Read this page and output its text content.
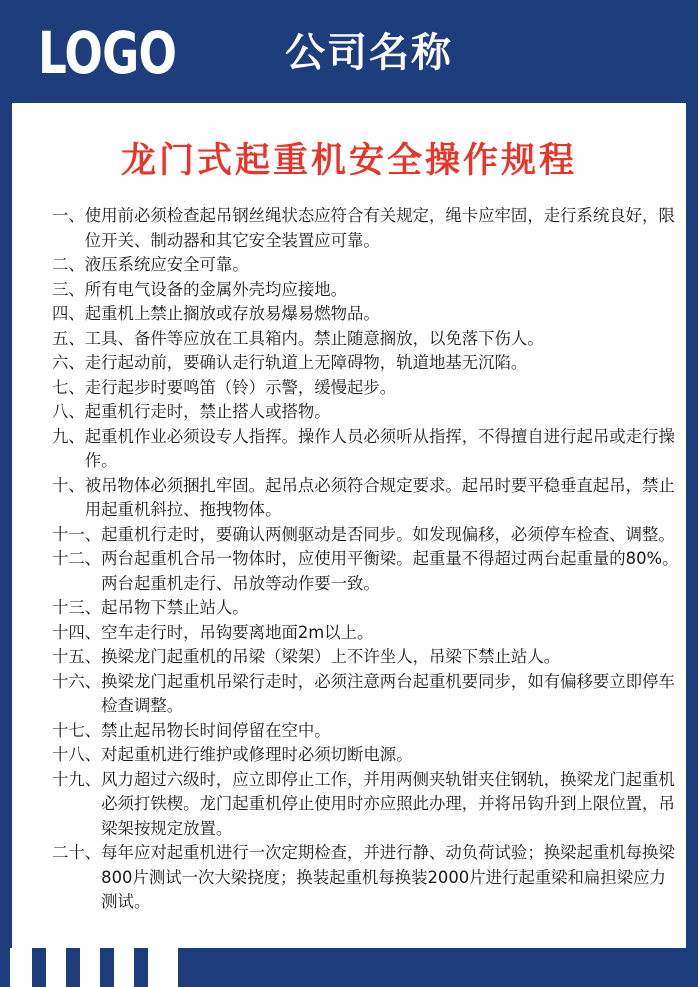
LOGO	公司名称
龙门式起重机安全操作规程
一、 使用前必须检查起吊钢丝绳状态应符合有关规定，绳卡应牢固，走行系统良好，限位开关、制动器和其它安全装置应可靠。
二、 液压系统应安全可靠。
三、 所有电气设备的金属外壳均应接地。
四、 起重机上禁止搁放或存放易爆易燃物品。
五、 工具、备件等应放在工具箱内。禁止随意搁放，以免落下伤人。
六、 走行起动前，要确认走行轨道上无障碍物，轨道地基无沉陷。
七、 走行起步时要鸣笛（铃）示警，缓慢起步。
八、 起重机行走时，禁止搭人或搭物。
九、 起重机作业必须设专人指挥。操作人员必须听从指挥，不得擅自进行起吊或走行操作。
十、 被吊物体必须捆扎牢固。起吊点必须符合规定要求。起吊时要平稳垂直起吊，禁止用起重机斜拉、拖拽物体。
十一、 起重机行走时，要确认两侧驱动是否同步。如发现偏移，必须停车检查、调整。
十二、 两台起重机合吊一物体时，应使用平衡梁。起重量不得超过两台起重量的80%。两台起重机走行、吊放等动作要一致。
十三、 起吊物下禁止站人。
十四、 空车走行时，吊钩要离地面2m以上。
十五、 换梁龙门起重机的吊梁（梁架）上不许坐人，吊梁下禁止站人。
十六、 换梁龙门起重机吊梁行走时，必须注意两台起重机要同步，如有偏移要立即停车检查调整。
十七、 禁止起吊物长时间停留在空中。
十八、 对起重机进行维护或修理时必须切断电源。
十九、 风力超过六级时，应立即停止工作，并用两侧夹轨钳夹住钢轨，换梁龙门起重机必须打铁楔。龙门起重机停止使用时亦应照此办理，并将吊钩升到上限位置，吊梁架按规定放置。
二十、 每年应对起重机进行一次定期检查，并进行静、动负荷试验；换梁起重机每换梁800片测试一次大梁挠度；换装起重机每换装2000片进行起重梁和扁担梁应力测试。
